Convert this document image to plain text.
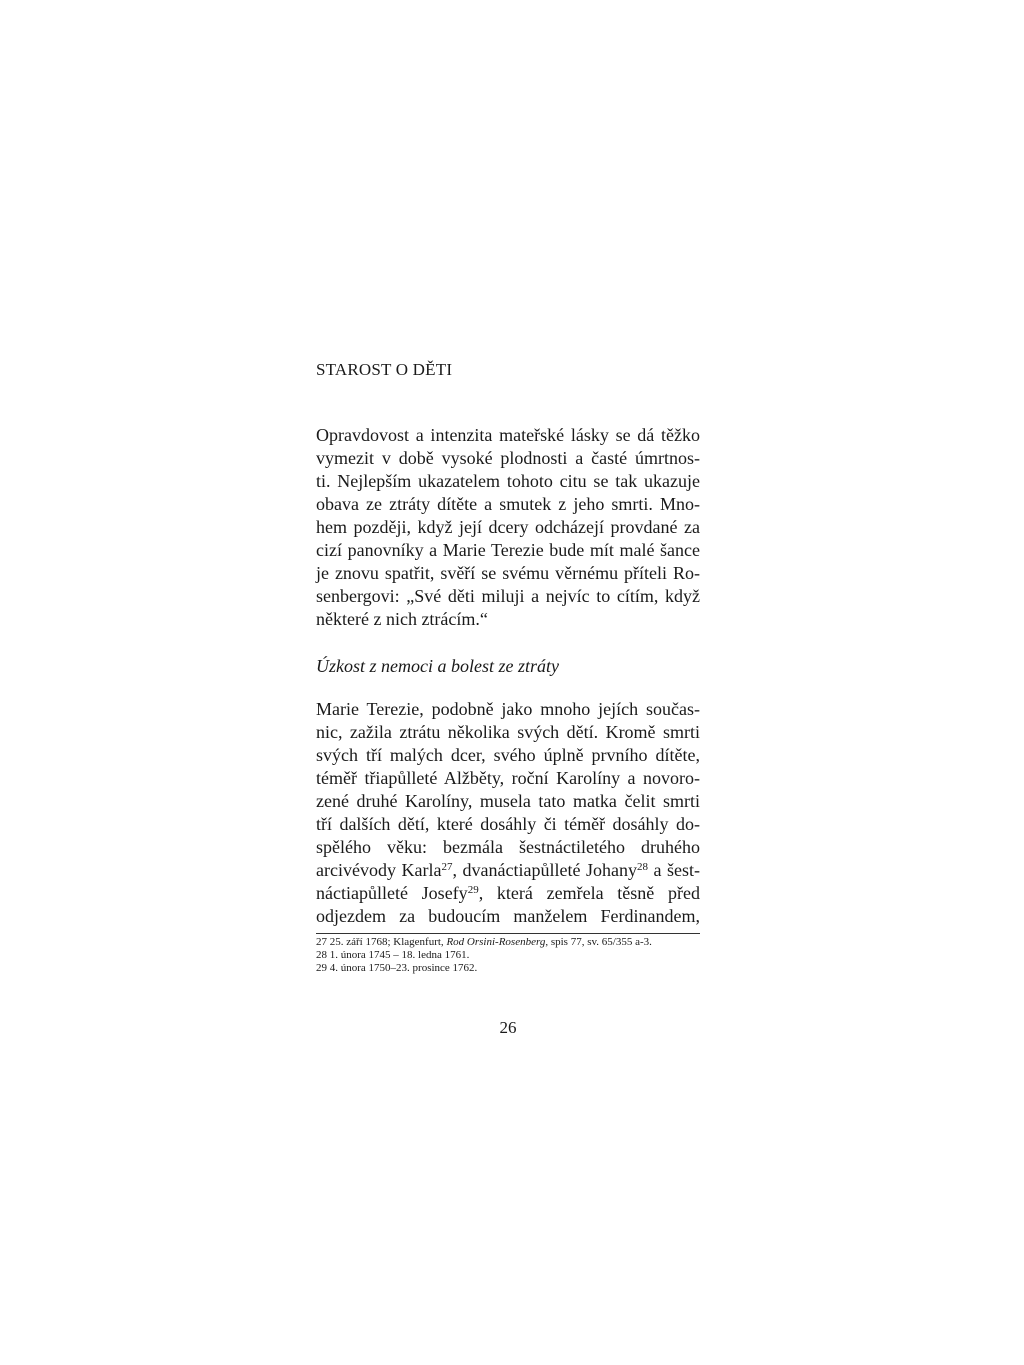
STAROST O DĚTI

Opravdovost a intenzita mateřské lásky se dá těžko
vymezit v době vysoké plodnosti a časté úmrtnos-
ti. Nejlepším ukazatelem tohoto citu se tak ukazuje
obava ze ztráty dítěte a smutek z jeho smrti. Mno-
hem později, když její dcery odcházejí provdané za
cizí panovníky a Marie Terezie bude mít malé šance
je znovu spatřit, svěří se svému věrnému příteli Ro-
senbergovi: „Své děti miluji a nejvíc to cítím, když
některé z nich ztrácím.“

Úzkost z nemoci a bolest ze ztráty

Marie Terezie, podobně jako mnoho jejích součas-
nic, zažila ztrátu několika svých dětí. Kromě smrti
svých tří malých dcer, svého úplně prvního dítěte,
téměř třiapůlleté Alžběty, roční Karolíny a novoro-
zené druhé Karolíny, musela tato matka čelit smrti
tří dalších dětí, které dosáhly či téměř dosáhly do-
spělého věku: bezmála šestnáctiletého druhého
arcivévody Karla$^{27}$, dvanáctiapůlleté Johany$^{28}$ a šest-
náctiapůlleté Josefy$^{29}$, která zemřela těsně před
odjezdem za budoucím manželem Ferdinandem,

27 25. září 1768; Klagenfurt, Rod Orsini-Rosenberg, spis 77, sv. 65/355 a-3.
28 1. února 1745 – 18. ledna 1761.
29 4. února 1750–23. prosince 1762.
26
